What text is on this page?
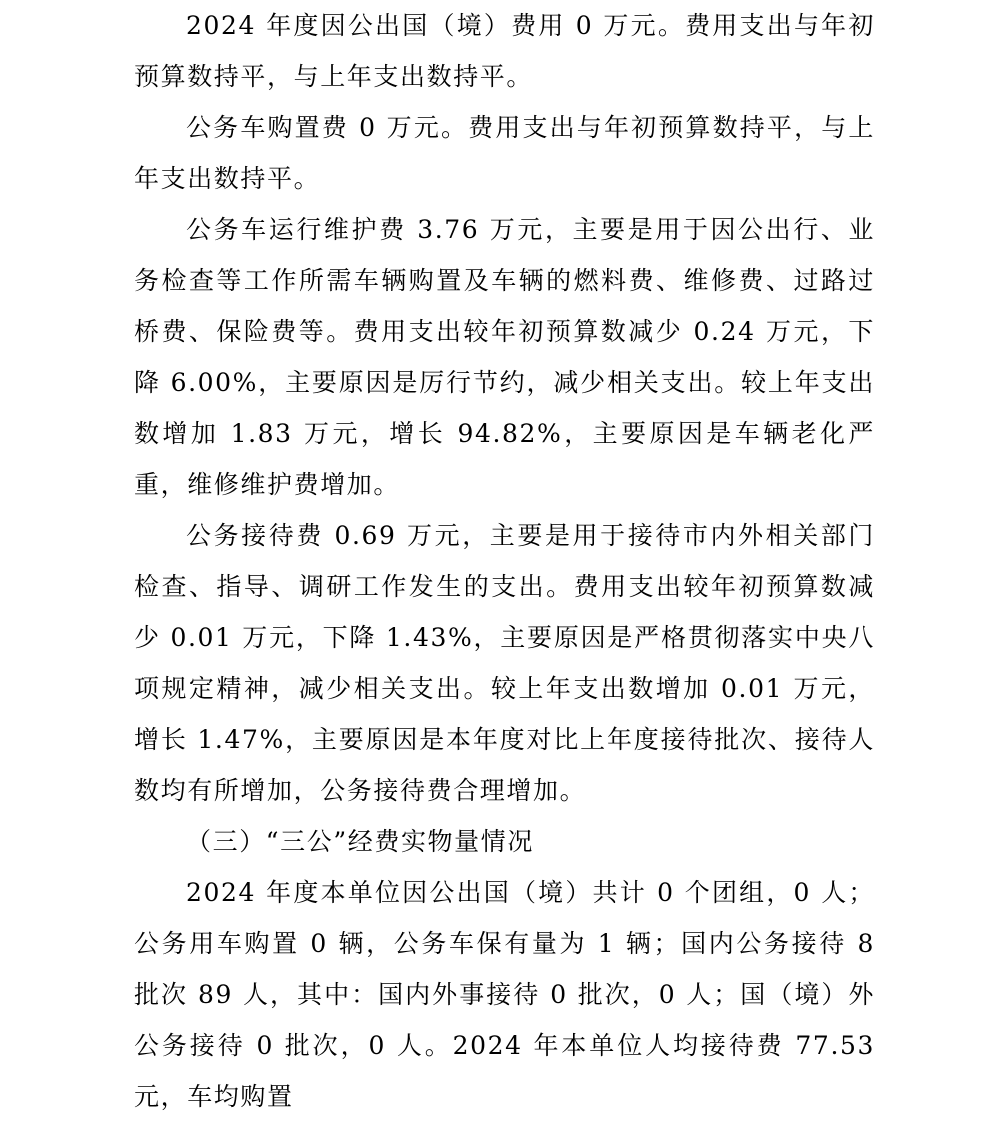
2024 年度因公出国（境）费用 0 万元。费用支出与年初预算数持平，与上年支出数持平。

公务车购置费 0 万元。费用支出与年初预算数持平，与上年支出数持平。

公务车运行维护费 3.76 万元，主要是用于因公出行、业务检查等工作所需车辆购置及车辆的燃料费、维修费、过路过桥费、保险费等。费用支出较年初预算数减少 0.24 万元，下降 6.00%，主要原因是厉行节约，减少相关支出。较上年支出数增加 1.83 万元，增长 94.82%，主要原因是车辆老化严重，维修维护费增加。

公务接待费 0.69 万元，主要是用于接待市内外相关部门检查、指导、调研工作发生的支出。费用支出较年初预算数减少 0.01 万元，下降 1.43%，主要原因是严格贯彻落实中央八项规定精神，减少相关支出。较上年支出数增加 0.01 万元，增长 1.47%，主要原因是本年度对比上年度接待批次、接待人数均有所增加，公务接待费合理增加。

（三）“三公”经费实物量情况

2024 年度本单位因公出国（境）共计 0 个团组，0 人；公务用车购置 0 辆，公务车保有量为 1 辆；国内公务接待 8 批次 89 人，其中：国内外事接待 0 批次，0 人；国（境）外公务接待 0 批次，0 人。2024 年本单位人均接待费 77.53 元，车均购置
